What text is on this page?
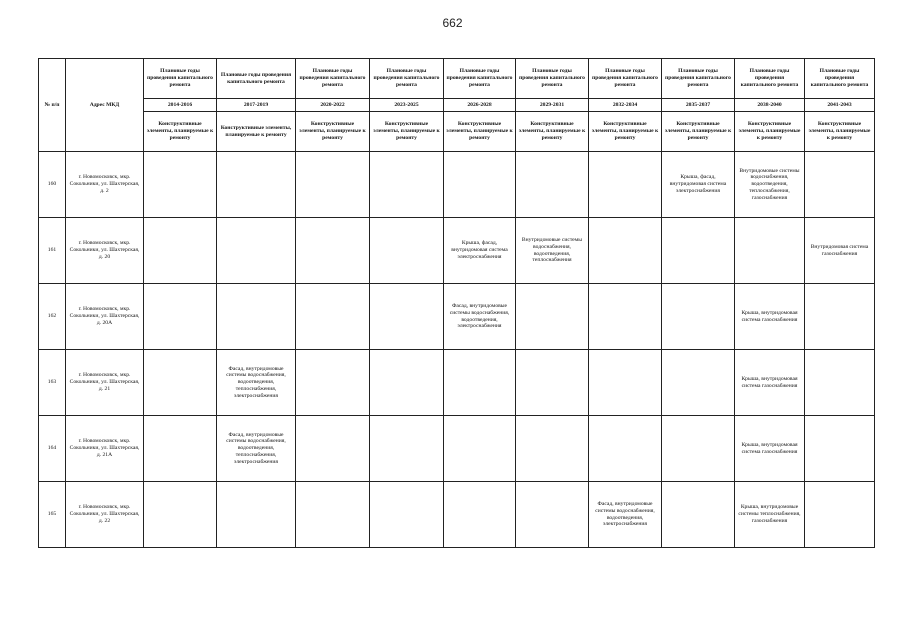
662
№ п/п	Адрес МКД	Плановые годы проведения капитального ремонта	Плановые годы проведения капитального ремонта	Плановые годы проведения капитального ремонта	Плановые годы проведения капитального ремонта	Плановые годы проведения капитального ремонта	Плановые годы проведения капитального ремонта	Плановые годы проведения капитального ремонта	Плановые годы проведения капитального ремонта	Плановые годы проведения капитального ремонта	Плановые годы проведения капитального ремонта
		2014-2016	2017-2019	2020-2022	2023-2025	2026-2028	2029-2031	2032-2034	2035-2037	2038-2040	2041-2043
		Конструктивные элементы, планируемые к ремонту	Конструктивные элементы, планируемые к ремонту	Конструктивные элементы, планируемые к ремонту	Конструктивные элементы, планируемые к ремонту	Конструктивные элементы, планируемые к ремонту	Конструктивные элементы, планируемые к ремонту	Конструктивные элементы, планируемые к ремонту	Конструктивные элементы, планируемые к ремонту	Конструктивные элементы, планируемые к ремонту	Конструктивные элементы, планируемые к ремонту
160	г. Новомосковск, мкр. Сокольники, ул. Шахтерская, д. 2								Крыша, фасад, внутридомовая система электроснабжения	Внутридомовые системы водоснабжения, водоотведения, теплоснабжения, газоснабжения	
161	г. Новомосковск, мкр. Сокольники, ул. Шахтерская, д. 20					Крыша, фасад, внутридомовая система электроснабжения	Внутридомовые системы водоснабжения, водоотведения, теплоснабжения				Внутридомовая система газоснабжения
162	г. Новомосковск, мкр. Сокольники, ул. Шахтерская, д. 20А					Фасад, внутридомовые системы водоснабжения, водоотведения, электроснабжения				Крыша, внутридомовая система газоснабжения	
163	г. Новомосковск, мкр. Сокольники, ул. Шахтерская, д. 21		Фасад, внутридомовые системы водоснабжения, водоотведения, теплоснабжения, электроснабжения							Крыша, внутридомовая система газоснабжения	
164	г. Новомосковск, мкр. Сокольники, ул. Шахтерская, д. 21А		Фасад, внутридомовые системы водоснабжения, водоотведения, теплоснабжения, электроснабжения							Крыша, внутридомовая система газоснабжения	
165	г. Новомосковск, мкр. Сокольники, ул. Шахтерская, д. 22							Фасад, внутридомовые системы водоснабжения, водоотведения, электроснабжения		Крыша, внутридомовые системы теплоснабжения, газоснабжения	
